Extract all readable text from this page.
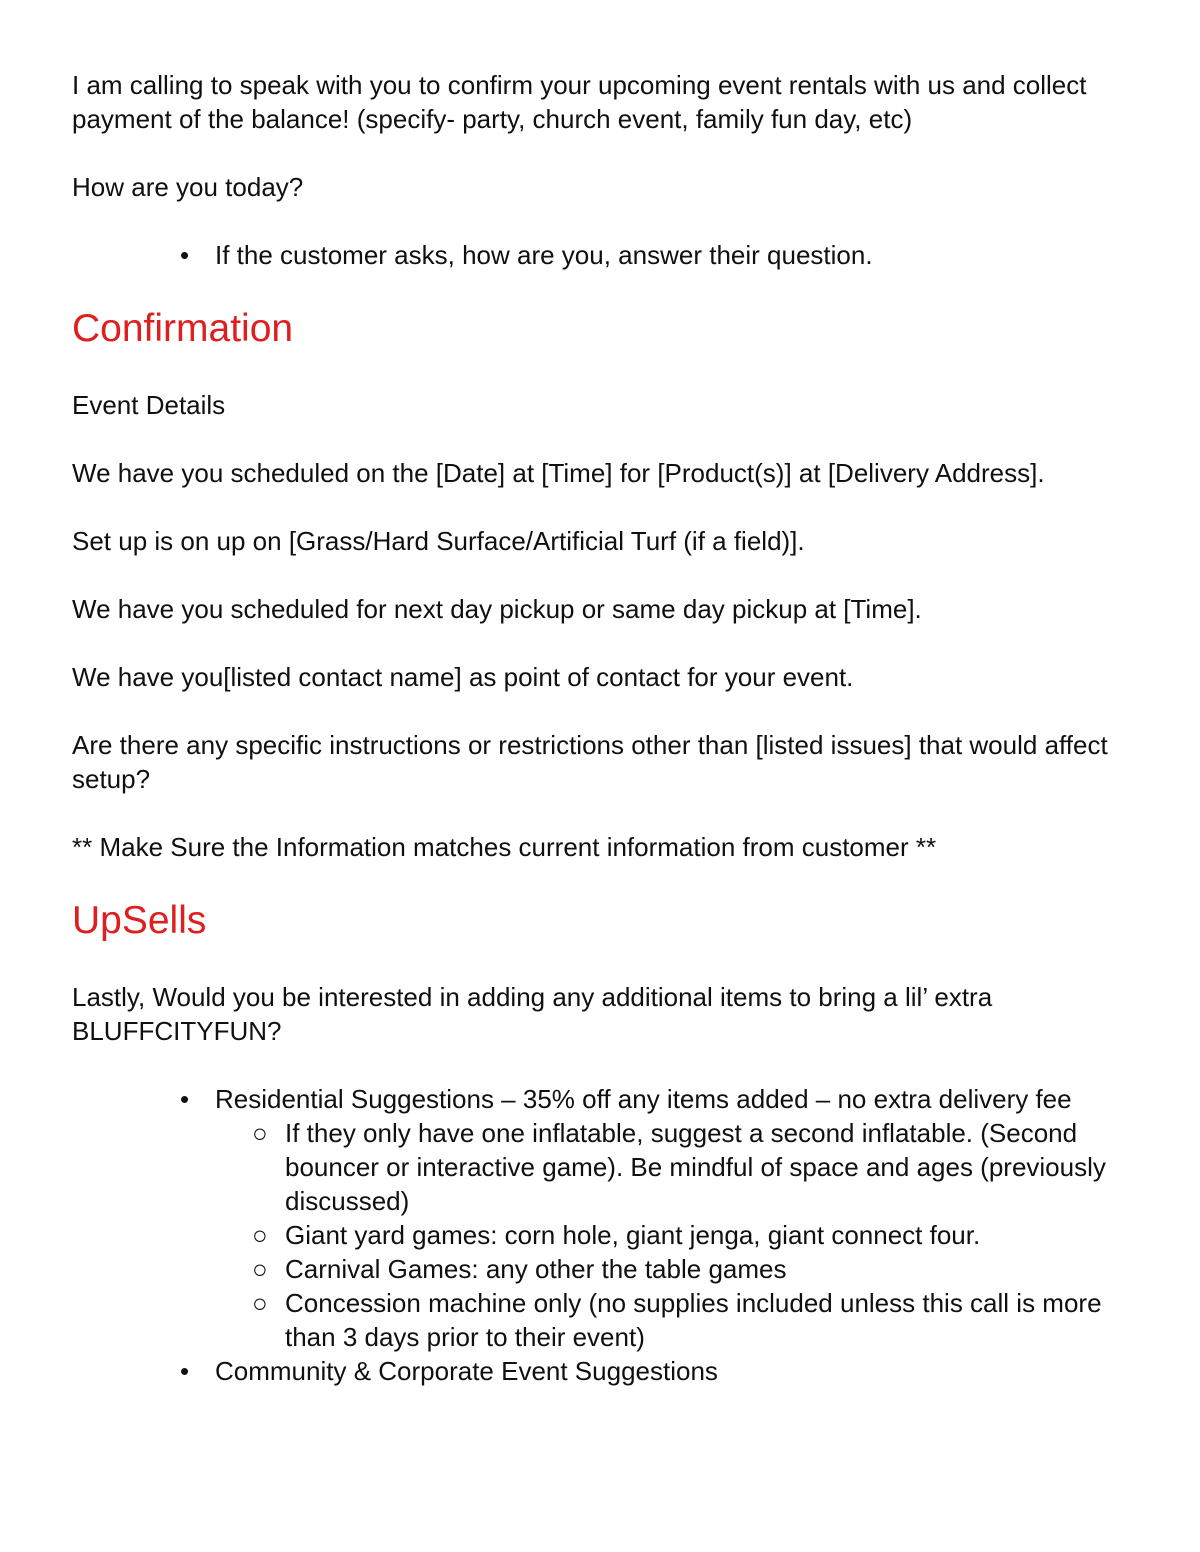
I am calling to speak with you to confirm your upcoming event rentals with us and collect payment of the balance! (specify- party, church event, family fun day, etc)

How are you today?

• If the customer asks, how are you, answer their question.
Confirmation

Event Details

We have you scheduled on the [Date] at [Time] for [Product(s)] at [Delivery Address].

Set up is on up on [Grass/Hard Surface/Artificial Turf (if a field)].

We have you scheduled for next day pickup or same day pickup at [Time].

We have you[listed contact name] as point of contact for your event.

Are there any specific instructions or restrictions other than [listed issues] that would affect setup?

** Make Sure the Information matches current information from customer **

UpSells

Lastly, Would you be interested in adding any additional items to bring a lil’ extra BLUFFCITYFUN?

• Residential Suggestions – 35% off any items added – no extra delivery fee
○ If they only have one inflatable, suggest a second inflatable. (Second bouncer or interactive game). Be mindful of space and ages (previously discussed)
○ Giant yard games: corn hole, giant jenga, giant connect four.
○ Carnival Games: any other the table games
○ Concession machine only (no supplies included unless this call is more than 3 days prior to their event)
• Community & Corporate Event Suggestions
